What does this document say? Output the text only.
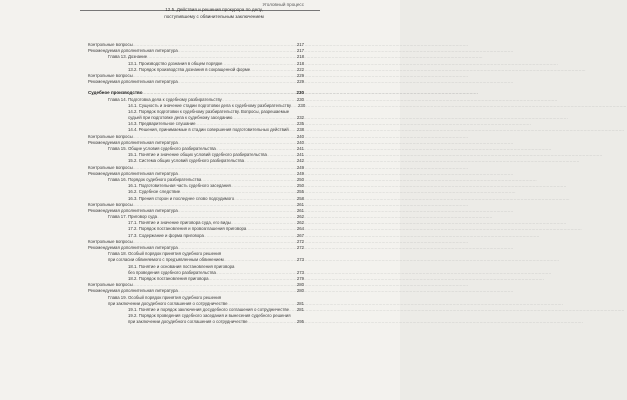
Уголовный процесс
12.5. Действия и решения прокурора по делу,
поступившему с обвинительным заключением
Контрольные вопросы .....	217
Рекомендуемая дополнительная литература .....	217
Глава 13. Дознание .....	218
13.1. Производство дознания в общем порядке .....	218
13.2. Порядок производства дознания в сокращенной форме .....	222
Контрольные вопросы .....	229
Рекомендуемая дополнительная литература .....	229
Судебное производство .....	230
Глава 14. Подготовка дела к судебному разбирательству .....	230
14.1. Сущность и значение стадии подготовки дела к судебному разбирательству ..... 230
14.2. Порядок подготовки к судебному разбирательству. Вопросы, разрешаемые
судьей при подготовке дела к судебному заседанию .....	232
14.3. Предварительное слушание .....	235
14.4. Решения, принимаемые в стадии совершения подготовительных действий ..... 238
Контрольные вопросы .....	240
Рекомендуемая дополнительная литература .....	240
Глава 15. Общие условия судебного разбирательства .....	241
15.1. Понятие и значение общих условий судебного разбирательства .....	241
15.2. Система общих условий судебного разбирательства .....	242
Контрольные вопросы .....	249
Рекомендуемая дополнительная литература .....	249
Глава 16. Порядок судебного разбирательства .....	250
16.1. Подготовительная часть судебного заседания .....	250
16.2. Судебное следствие .....	255
16.3. Прения сторон и последнее слово подсудимого .....	258
Контрольные вопросы .....	261
Рекомендуемая дополнительная литература .....	261
Глава 17. Приговор суда .....	262
17.1. Понятие и значение приговора суда, его виды .....	262
17.2. Порядок постановления и провозглашения приговора .....	264
17.3. Содержание и форма приговора .....	267
Контрольные вопросы .....	272
Рекомендуемая дополнительная литература .....	272
Глава 18. Особый порядок принятия судебного решения
при согласии обвиняемого с предъявленным обвинением .....	273
18.1. Понятие и основания постановления приговора
без проведения судебного разбирательства .....	273
18.2. Порядок постановления приговора .....	279
Контрольные вопросы .....	280
Рекомендуемая дополнительная литература .....	280
Глава 19. Особый порядок принятия судебного решения
при заключении досудебного соглашения о сотрудничестве .....	281
19.1. Понятие и порядок заключения досудебного соглашения о сотрудничестве ..... 281
19.2. Порядок проведения судебного заседания и вынесения судебного решения
при заключении досудебного соглашения о сотрудничестве .....	295
